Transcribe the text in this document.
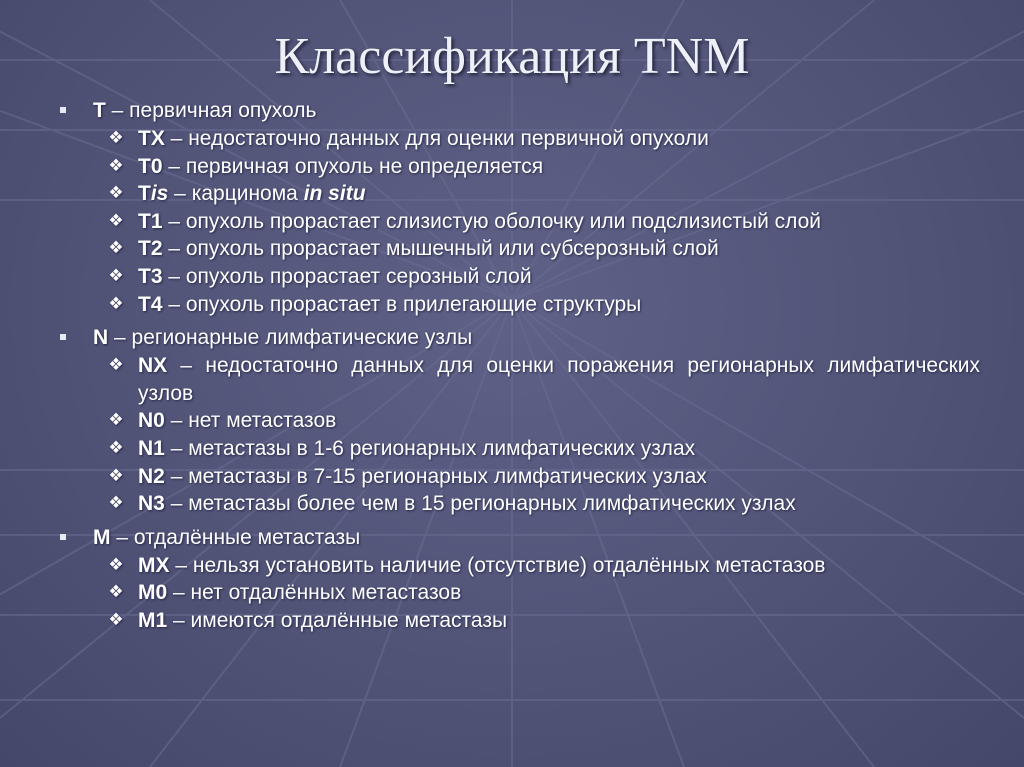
Классификация TNM
T – первичная опухоль
❖ TX – недостаточно данных для оценки первичной опухоли
❖ T0 – первичная опухоль не определяется
❖ Tis – карцинома in situ
❖ T1 – опухоль прорастает слизистую оболочку или подслизистый слой
❖ T2 – опухоль прорастает мышечный или субсерозный слой
❖ T3 – опухоль прорастает серозный слой
❖ T4 – опухоль прорастает в прилегающие структуры
N – регионарные лимфатические узлы
❖ NX – недостаточно данных для оценки поражения регионарных лимфатических узлов
❖ N0 – нет метастазов
❖ N1 – метастазы в 1-6 регионарных лимфатических узлах
❖ N2 – метастазы в 7-15 регионарных лимфатических узлах
❖ N3 – метастазы более чем в 15 регионарных лимфатических узлах
M – отдалённые метастазы
❖ MX – нельзя установить наличие (отсутствие) отдалённых метастазов
❖ M0 – нет отдалённых метастазов
❖ M1 – имеются отдалённые метастазы
